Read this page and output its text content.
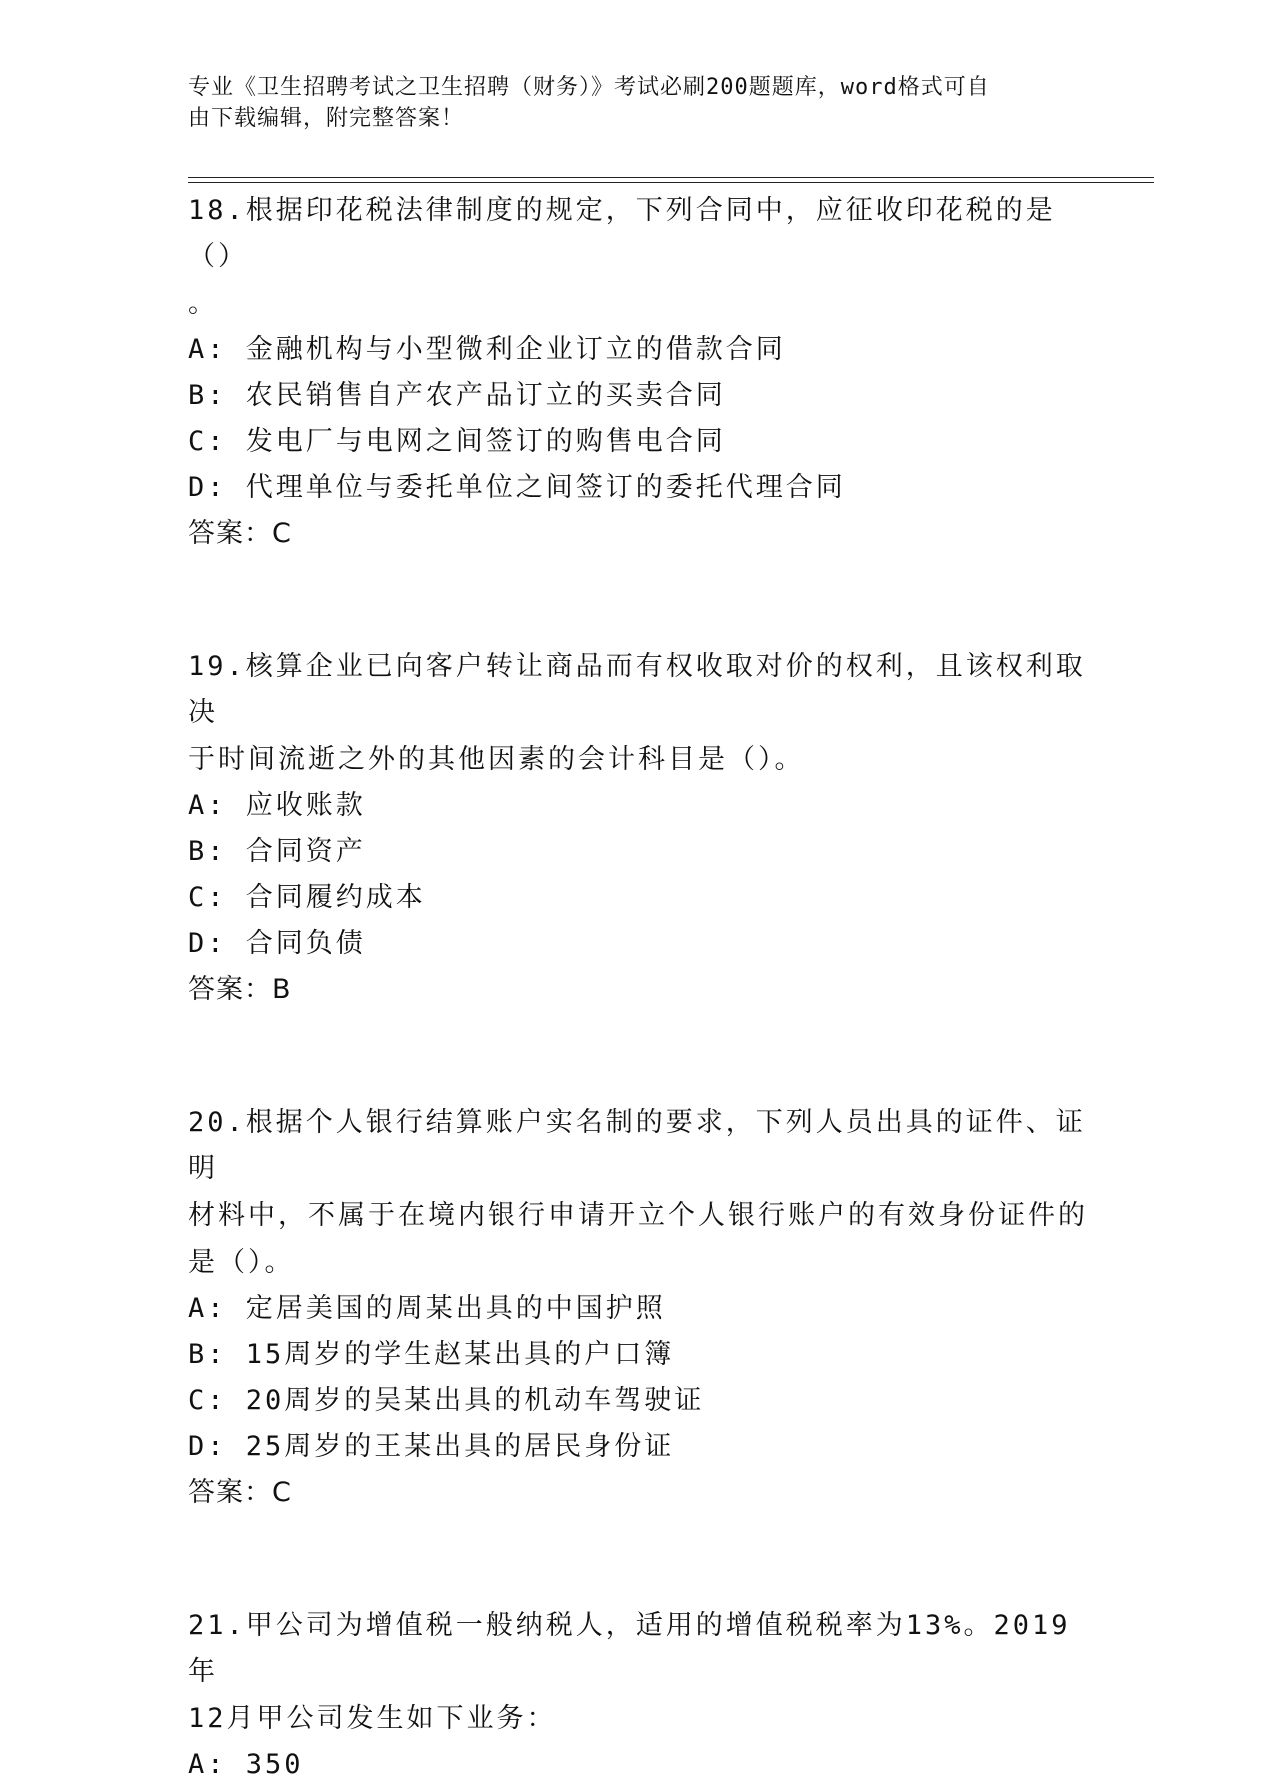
专业《卫生招聘考试之卫生招聘（财务）》考试必刷200题题库，word格式可自
由下载编辑，附完整答案！
18.根据印花税法律制度的规定，下列合同中，应征收印花税的是（）
。
A: 金融机构与小型微利企业订立的借款合同
B: 农民销售自产农产品订立的买卖合同
C: 发电厂与电网之间签订的购售电合同
D: 代理单位与委托单位之间签订的委托代理合同
答案：C
19.核算企业已向客户转让商品而有权收取对价的权利，且该权利取决
于时间流逝之外的其他因素的会计科目是（）。
A: 应收账款
B: 合同资产
C: 合同履约成本
D: 合同负债
答案：B
20.根据个人银行结算账户实名制的要求，下列人员出具的证件、证明
材料中，不属于在境内银行申请开立个人银行账户的有效身份证件的
是（）。
A: 定居美国的周某出具的中国护照
B: 15周岁的学生赵某出具的户口簿
C: 20周岁的吴某出具的机动车驾驶证
D: 25周岁的王某出具的居民身份证
答案：C
21.甲公司为增值税一般纳税人，适用的增值税税率为13%。2019年
12月甲公司发生如下业务：
A: 350
